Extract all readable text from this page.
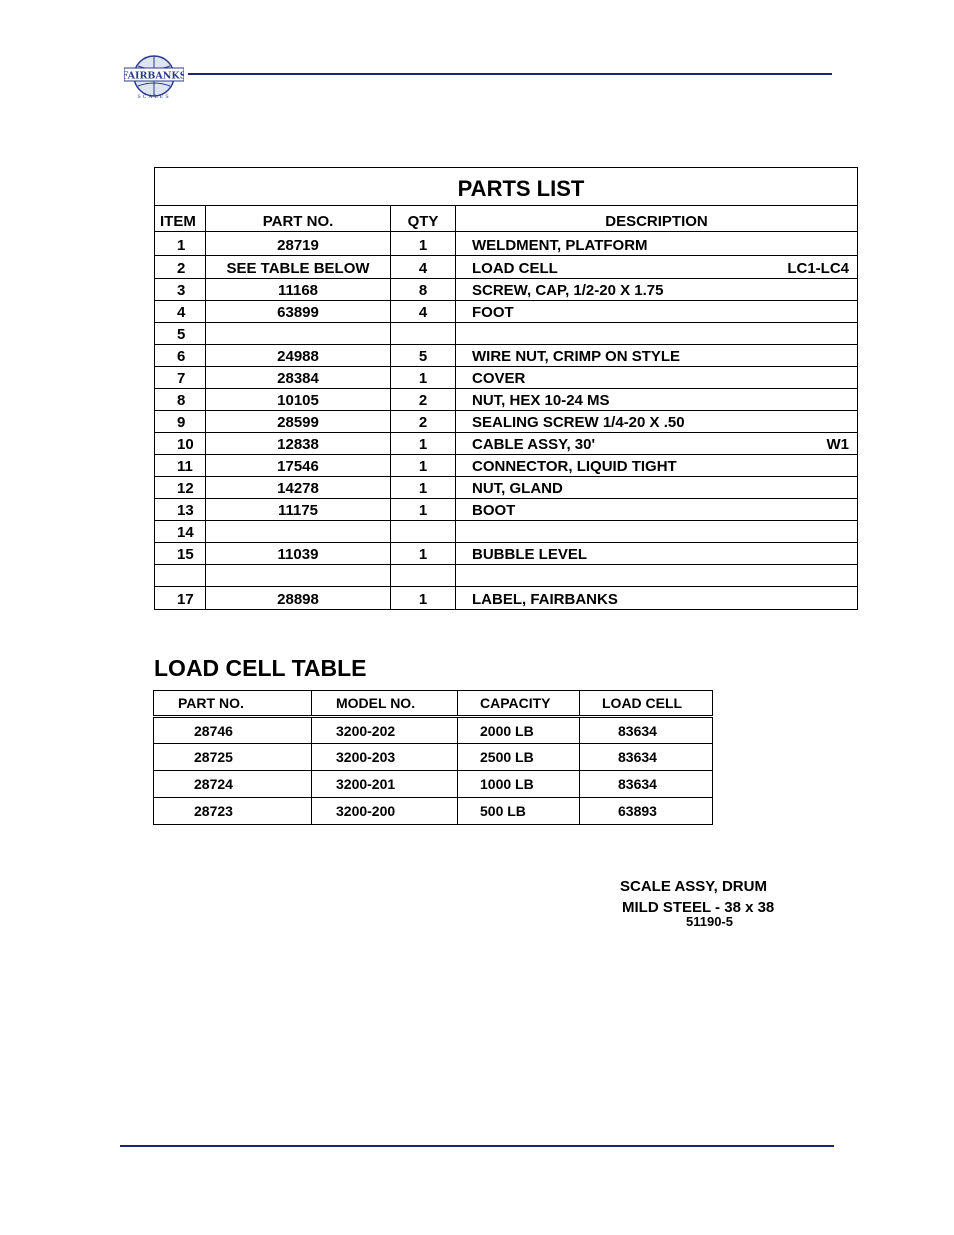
FAIRBANKS
SCALES
PARTS LIST
ITEM	PART NO.	QTY	DESCRIPTION
1	28719	1	WELDMENT, PLATFORM
2	SEE TABLE BELOW	4	LOAD CELL	LC1-LC4
3	11168	8	SCREW, CAP, 1/2-20 X 1.75
4	63899	4	FOOT
5
6	24988	5	WIRE NUT, CRIMP ON STYLE
7	28384	1	COVER
8	10105	2	NUT, HEX 10-24 MS
9	28599	2	SEALING SCREW 1/4-20 X .50
10	12838	1	CABLE ASSY, 30'	W1
11	17546	1	CONNECTOR, LIQUID TIGHT
12	14278	1	NUT, GLAND
13	11175	1	BOOT
14
15	11039	1	BUBBLE LEVEL
17	28898	1	LABEL, FAIRBANKS
LOAD CELL TABLE
PART NO.	MODEL NO.	CAPACITY	LOAD CELL
28746	3200-202	2000 LB	83634
28725	3200-203	2500 LB	83634
28724	3200-201	1000 LB	83634
28723	3200-200	500 LB	63893
SCALE ASSY, DRUM
MILD STEEL - 38 x 38
51190-5
